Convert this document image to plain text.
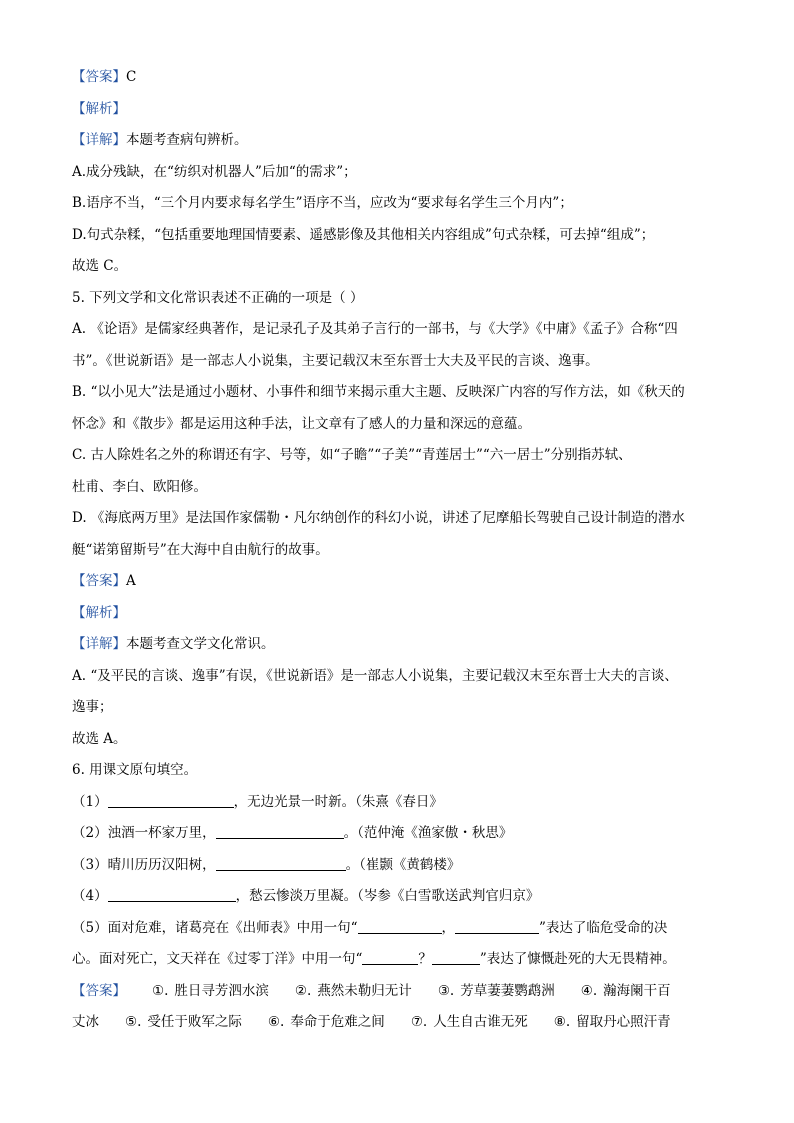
【答案】C
【解析】
【详解】本题考查病句辨析。
A.成分残缺，在“纺织对机器人”后加“的需求”；
B.语序不当，“三个月内要求每名学生”语序不当，应改为“要求每名学生三个月内”；
D.句式杂糅，“包括重要地理国情要素、遥感影像及其他相关内容组成”句式杂糅，可去掉“组成”；
故选 C。
5. 下列文学和文化常识表述不正确的一项是（ ）
A. 《论语》是儒家经典著作，是记录孔子及其弟子言行的一部书，与《大学》《中庸》《孟子》合称“四
书”。《世说新语》是一部志人小说集，主要记载汉末至东晋士大夫及平民的言谈、逸事。
B. “以小见大”法是通过小题材、小事件和细节来揭示重大主题、反映深广内容的写作方法，如《秋天的
怀念》和《散步》都是运用这种手法，让文章有了感人的力量和深远的意蕴。
C. 古人除姓名之外的称谓还有字、号等，如“子瞻”“子美”“青莲居士”“六一居士”分别指苏轼、
杜甫、李白、欧阳修。
D. 《海底两万里》是法国作家儒勒・凡尔纳创作的科幻小说，讲述了尼摩船长驾驶自己设计制造的潜水
艇“诺第留斯号”在大海中自由航行的故事。
【答案】A
【解析】
【详解】本题考查文学文化常识。
A. “及平民的言谈、逸事”有误，《世说新语》是一部志人小说集，主要记载汉末至东晋士大夫的言谈、
逸事；
故选 A。
6. 用课文原句填空。
（1）	，无边光景一时新。（朱熹《春日》
（2）浊酒一杯家万里，	。（范仲淹《渔家傲・秋思》
（3）晴川历历汉阳树，	。（崔颢《黄鹤楼》
（4）	，愁云惨淡万里凝。（岑参《白雪歌送武判官归京》
（5）面对危难，诸葛亮在《出师表》中用一句“	，	”表达了临危受命的决
心。面对死亡，文天祥在《过零丁洋》中用一句“	？	”表达了慷慨赴死的大无畏精神。
【答案】 ①. 胜日寻芳泗水滨 ②. 燕然未勒归无计 ③. 芳草萋萋鹦鹉洲 ④. 瀚海阑干百
丈冰 ⑤. 受任于败军之际 ⑥. 奉命于危难之间 ⑦. 人生自古谁无死 ⑧. 留取丹心照汗青
